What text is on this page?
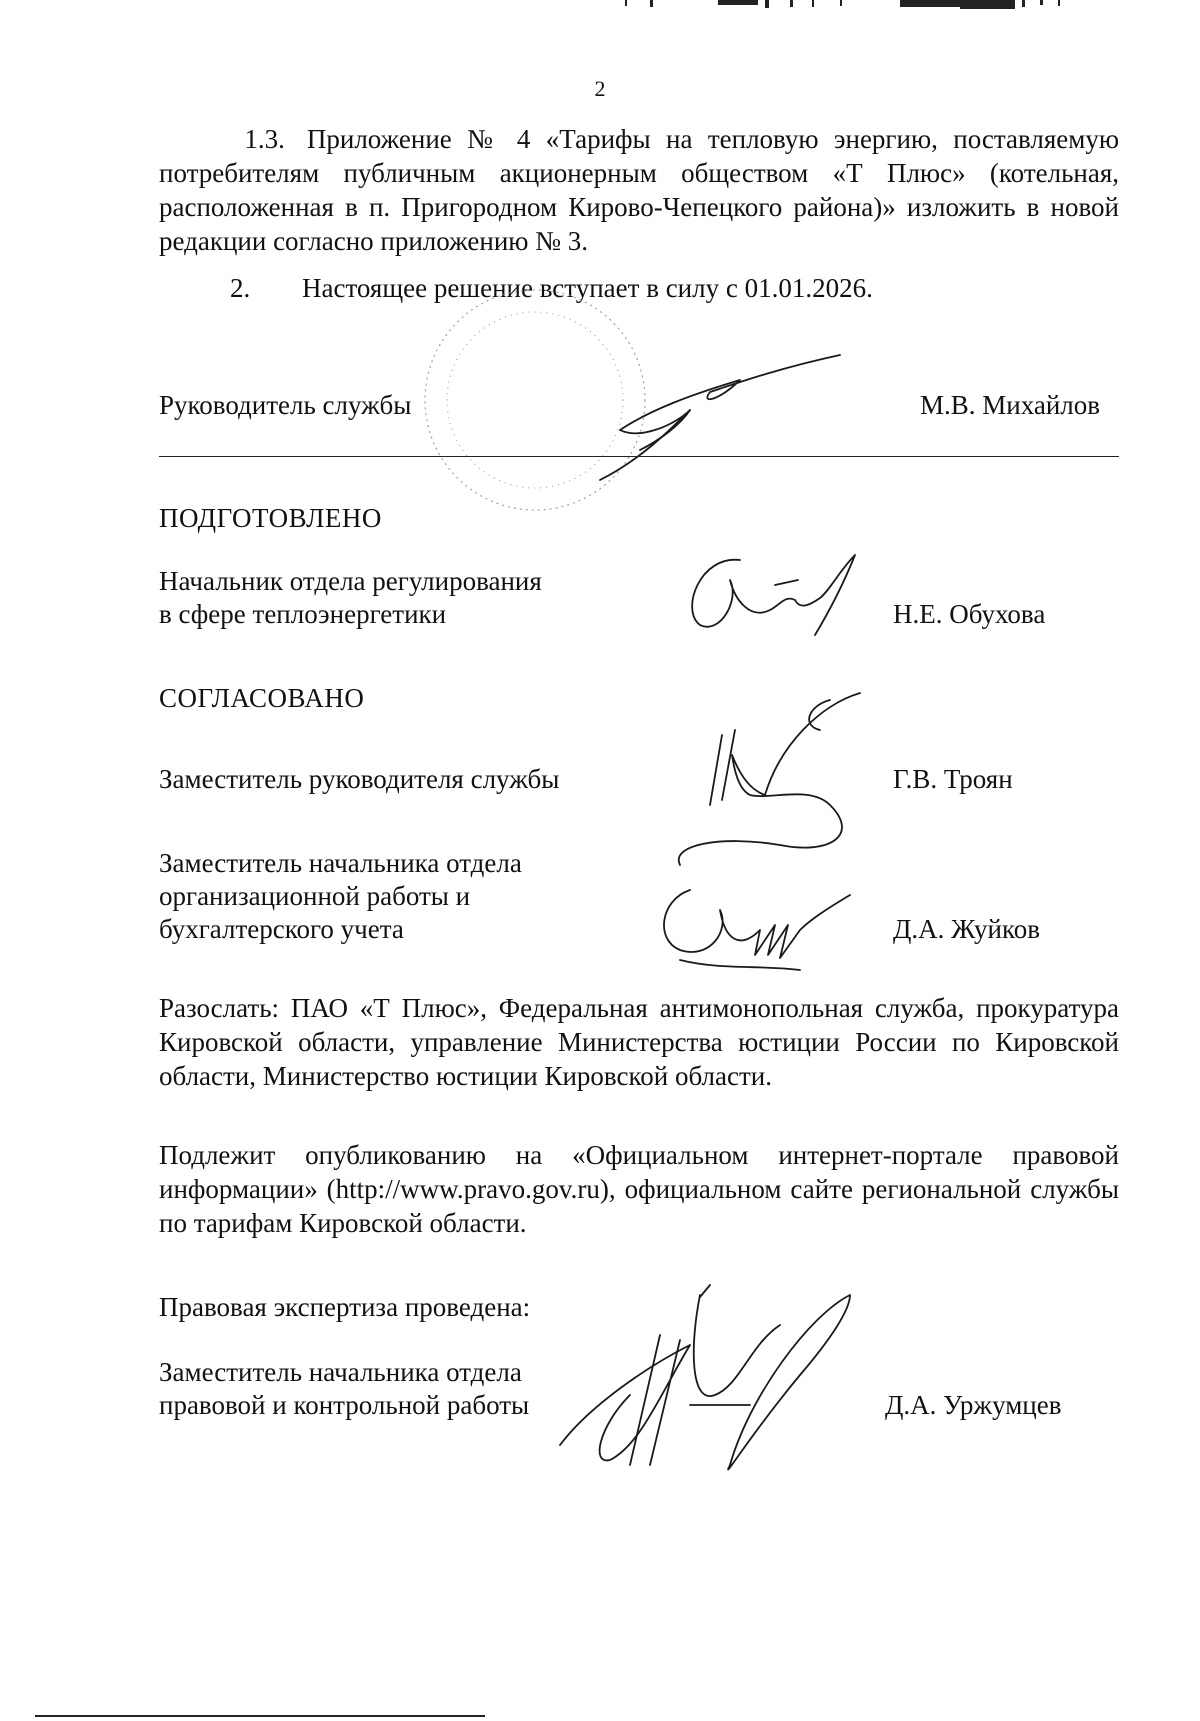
2
1.3. Приложение № 4 «Тарифы на тепловую энергию, поставляемую потребителям публичным акционерным обществом «Т Плюс» (котельная, расположенная в п. Пригородном Кирово-Чепецкого района)» изложить в новой редакции согласно приложению № 3.
2. Настоящее решение вступает в силу с 01.01.2026.
Руководитель службы	М.В. Михайлов
ПОДГОТОВЛЕНО
Начальник отдела регулирования
в сфере теплоэнергетики	Н.Е. Обухова
СОГЛАСОВАНО
Заместитель руководителя службы	Г.В. Троян
Заместитель начальника отдела
организационной работы и
бухгалтерского учета	Д.А. Жуйков
Разослать: ПАО «Т Плюс», Федеральная антимонопольная служба, прокуратура Кировской области, управление Министерства юстиции России по Кировской области, Министерство юстиции Кировской области.
Подлежит опубликованию на «Официальном интернет-портале правовой информации» (http://www.pravo.gov.ru), официальном сайте региональной службы по тарифам Кировской области.
Правовая экспертиза проведена:
Заместитель начальника отдела
правовой и контрольной работы	Д.А. Уржумцев
